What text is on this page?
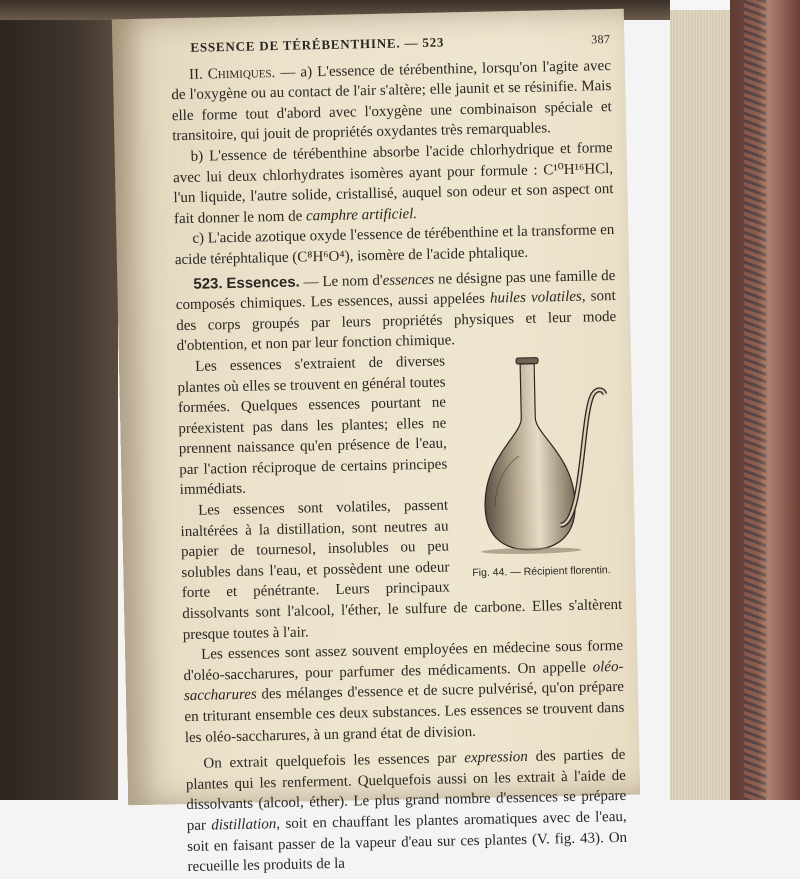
ESSENCE DE TÉRÉBENTHINE. — 523	387

II. Chimiques. — a) L'essence de térébenthine, lorsqu'on l'agite avec de l'oxygène ou au contact de l'air s'altère; elle jaunit et se résinifie. Mais elle forme tout d'abord avec l'oxygène une combinaison spéciale et transitoire, qui jouit de propriétés oxydantes très remarquables.

b) L'essence de térébenthine absorbe l'acide chlorhydrique et forme avec lui deux chlorhydrates isomères ayant pour formule : C¹⁰H¹⁶HCl, l'un liquide, l'autre solide, cristallisé, auquel son odeur et son aspect ont fait donner le nom de camphre artificiel.

c) L'acide azotique oxyde l'essence de térébenthine et la transforme en acide téréphtalique (C⁸H⁶O⁴), isomère de l'acide phtalique.

523. Essences. — Le nom d'essences ne désigne pas une famille de composés chimiques. Les essences, aussi appelées huiles volatiles, sont des corps groupés par leurs propriétés physiques et leur mode d'obtention, et non par leur fonction chimique.

Fig. 44. — Récipient florentin.

Les essences s'extraient de diverses plantes où elles se trouvent en général toutes formées. Quelques essences pourtant ne préexistent pas dans les plantes; elles ne prennent naissance qu'en présence de l'eau, par l'action réciproque de certains principes immédiats.

Les essences sont volatiles, passent inaltérées à la distillation, sont neutres au papier de tournesol, insolubles ou peu solubles dans l'eau, et possèdent une odeur forte et pénétrante. Leurs principaux dissolvants sont l'alcool, l'éther, le sulfure de carbone. Elles s'altèrent presque toutes à l'air.

Les essences sont assez souvent employées en médecine sous forme d'oléo-saccharures, pour parfumer des médicaments. On appelle oléo-saccharures des mélanges d'essence et de sucre pulvérisé, qu'on prépare en triturant ensemble ces deux substances. Les essences se trouvent dans les oléo-saccharures, à un grand état de division.

On extrait quelquefois les essences par expression des parties de plantes qui les renferment. Quelquefois aussi on les extrait à l'aide de dissolvants (alcool, éther). Le plus grand nombre d'essences se prépare par distillation, soit en chauffant les plantes aromatiques avec de l'eau, soit en faisant passer de la vapeur d'eau sur ces plantes (V. fig. 43). On recueille les produits de la
